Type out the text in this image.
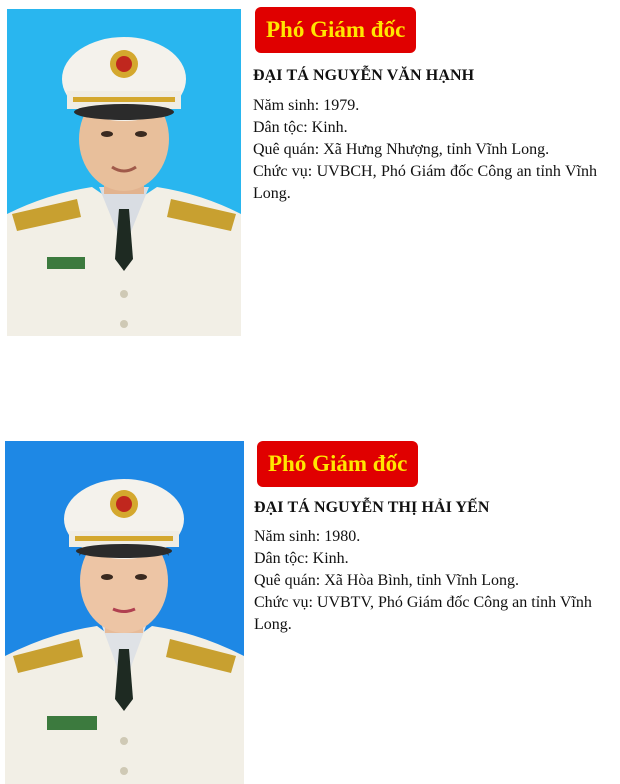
Phó Giám đốc
ĐẠI TÁ NGUYỄN VĂN HẠNH
Năm sinh: 1979.
Dân tộc: Kinh.
Quê quán: Xã Hưng Nhượng, tỉnh Vĩnh Long.
Chức vụ: UVBCH, Phó Giám đốc Công an tỉnh Vĩnh Long.
Phó Giám đốc
ĐẠI TÁ NGUYỄN THỊ HẢI YẾN
Năm sinh: 1980.
Dân tộc: Kinh.
Quê quán: Xã Hòa Bình, tỉnh Vĩnh Long.
Chức vụ: UVBTV, Phó Giám đốc Công an tỉnh Vĩnh Long.
